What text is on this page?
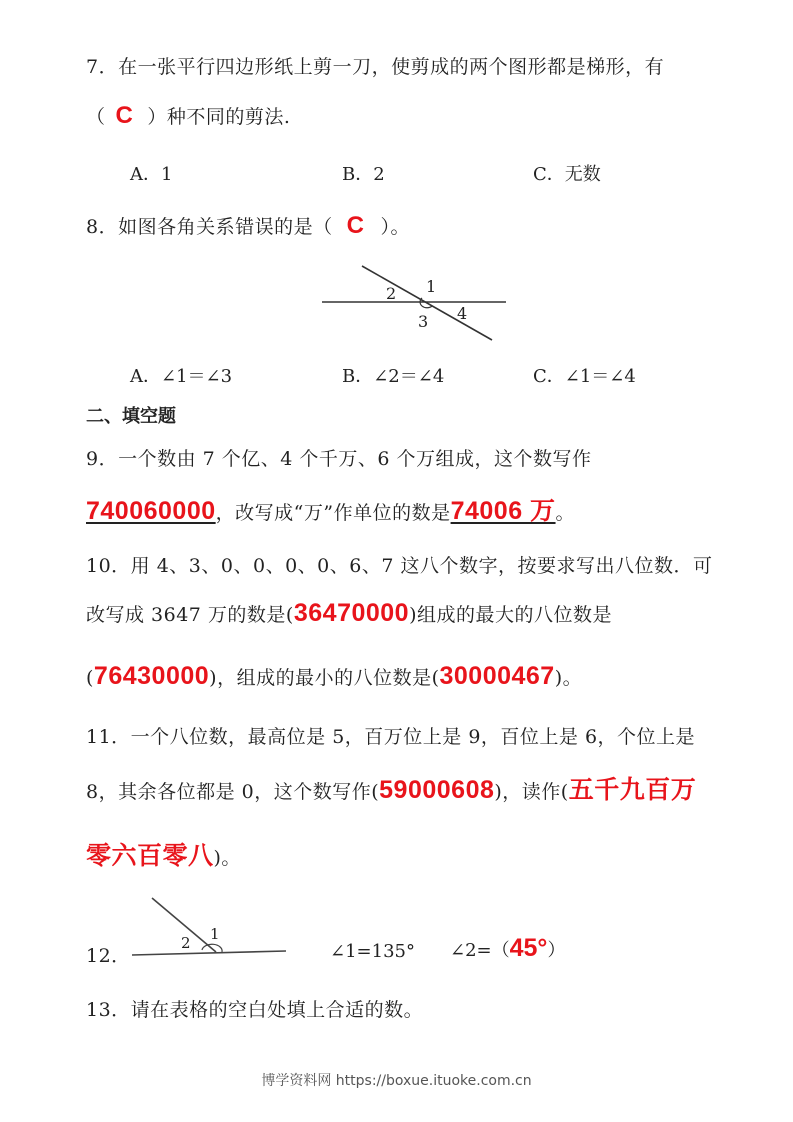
7．在一张平行四边形纸上剪一刀，使剪成的两个图形都是梯形，有
（ C ）种不同的剪法.
A．1	B．2	C．无数
8．如图各角关系错误的是（ C ）。
1
2
3 4
A．∠1＝∠3	B．∠2＝∠4	C．∠1＝∠4
二、填空题
9．一个数由 7 个亿、4 个千万、6 个万组成，这个数写作
740060000，改写成“万”作单位的数是74006 万。
10．用 4、3、0、0、0、0、6、7 这八个数字，按要求写出八位数．可
改写成 3647 万的数是(36470000)组成的最大的八位数是
(76430000)，组成的最小的八位数是(30000467)。
11．一个八位数，最高位是 5，百万位上是 9，百位上是 6，个位上是
8，其余各位都是 0，这个数写作(59000608)，读作(五千九百万
零六百零八)。
12．
2 1
∠1=135° ∠2=（45°）
13．请在表格的空白处填上合适的数。
博学资料网 https://boxue.ituoke.com.cn
